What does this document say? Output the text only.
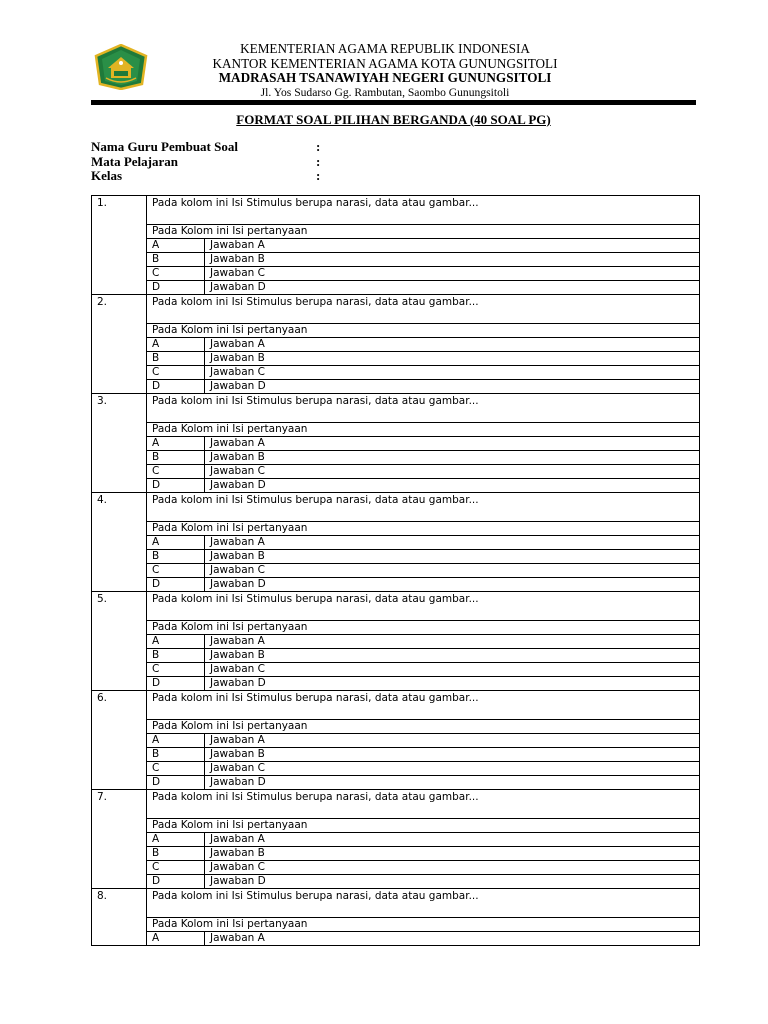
KEMENTERIAN AGAMA REPUBLIK INDONESIA
KANTOR KEMENTERIAN AGAMA KOTA GUNUNGSITOLI
MADRASAH TSANAWIYAH NEGERI GUNUNGSITOLI
Jl. Yos Sudarso Gg. Rambutan, Saombo Gunungsitoli
FORMAT SOAL PILIHAN BERGANDA (40 SOAL PG)
Nama Guru Pembuat Soal	:
Mata Pelajaran	:
Kelas	:
1.	Pada kolom ini Isi Stimulus berupa narasi, data atau gambar...	
	Pada Kolom ini Isi pertanyaan	
	A	Jawaban A
	B	Jawaban B
	C	Jawaban C
	D	Jawaban D
2.	Pada kolom ini Isi Stimulus berupa narasi, data atau gambar...	
	Pada Kolom ini Isi pertanyaan	
	A	Jawaban A
	B	Jawaban B
	C	Jawaban C
	D	Jawaban D
3.	Pada kolom ini Isi Stimulus berupa narasi, data atau gambar...	
	Pada Kolom ini Isi pertanyaan	
	A	Jawaban A
	B	Jawaban B
	C	Jawaban C
	D	Jawaban D
4.	Pada kolom ini Isi Stimulus berupa narasi, data atau gambar...	
	Pada Kolom ini Isi pertanyaan	
	A	Jawaban A
	B	Jawaban B
	C	Jawaban C
	D	Jawaban D
5.	Pada kolom ini Isi Stimulus berupa narasi, data atau gambar...	
	Pada Kolom ini Isi pertanyaan	
	A	Jawaban A
	B	Jawaban B
	C	Jawaban C
	D	Jawaban D
6.	Pada kolom ini Isi Stimulus berupa narasi, data atau gambar...	
	Pada Kolom ini Isi pertanyaan	
	A	Jawaban A
	B	Jawaban B
	C	Jawaban C
	D	Jawaban D
7.	Pada kolom ini Isi Stimulus berupa narasi, data atau gambar...	
	Pada Kolom ini Isi pertanyaan	
	A	Jawaban A
	B	Jawaban B
	C	Jawaban C
	D	Jawaban D
8.	Pada kolom ini Isi Stimulus berupa narasi, data atau gambar...	
	Pada Kolom ini Isi pertanyaan	
	A	Jawaban A
